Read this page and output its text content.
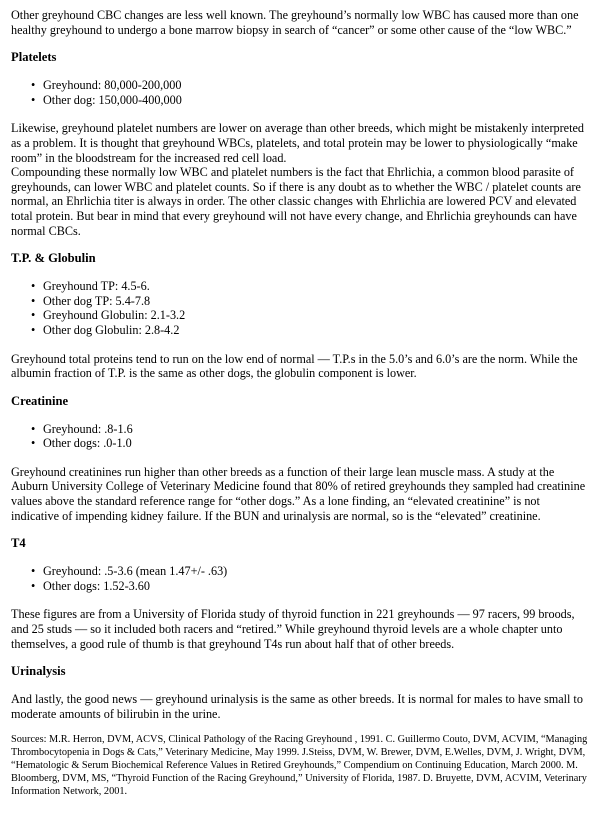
Other greyhound CBC changes are less well known. The greyhound’s normally low WBC has caused more than one healthy greyhound to undergo a bone marrow biopsy in search of “cancer” or some other cause of the “low WBC.”

Platelets
• Greyhound: 80,000-200,000
• Other dog: 150,000-400,000

Likewise, greyhound platelet numbers are lower on average than other breeds, which might be mistakenly interpreted as a problem. It is thought that greyhound WBCs, platelets, and total protein may be lower to physiologically “make room” in the bloodstream for the increased red cell load.

Compounding these normally low WBC and platelet numbers is the fact that Ehrlichia, a common blood parasite of greyhounds, can lower WBC and platelet counts. So if there is any doubt as to whether the WBC / platelet counts are normal, an Ehrlichia titer is always in order. The other classic changes with Ehrlichia are lowered PCV and elevated total protein. But bear in mind that every greyhound will not have every change, and Ehrlichia greyhounds can have normal CBCs.

T.P. & Globulin
• Greyhound TP: 4.5-6.
• Other dog TP: 5.4-7.8
• Greyhound Globulin: 2.1-3.2
• Other dog Globulin: 2.8-4.2

Greyhound total proteins tend to run on the low end of normal — T.P.s in the 5.0’s and 6.0’s are the norm. While the albumin fraction of T.P. is the same as other dogs, the globulin component is lower.

Creatinine
• Greyhound: .8-1.6
• Other dogs: .0-1.0

Greyhound creatinines run higher than other breeds as a function of their large lean muscle mass. A study at the Auburn University College of Veterinary Medicine found that 80% of retired greyhounds they sampled had creatinine values above the standard reference range for “other dogs.” As a lone finding, an “elevated creatinine” is not indicative of impending kidney failure. If the BUN and urinalysis are normal, so is the “elevated” creatinine.

T4
• Greyhound: .5-3.6 (mean 1.47+/- .63)
• Other dogs: 1.52-3.60

These figures are from a University of Florida study of thyroid function in 221 greyhounds — 97 racers, 99 broods, and 25 studs — so it included both racers and “retired.” While greyhound thyroid levels are a whole chapter unto themselves, a good rule of thumb is that greyhound T4s run about half that of other breeds.

Urinalysis

And lastly, the good news — greyhound urinalysis is the same as other breeds. It is normal for males to have small to moderate amounts of bilirubin in the urine.

Sources: M.R. Herron, DVM, ACVS, Clinical Pathology of the Racing Greyhound , 1991. C. Guillermo Couto, DVM, ACVIM, “Managing Thrombocytopenia in Dogs & Cats,” Veterinary Medicine, May 1999. J.Steiss, DVM, W. Brewer, DVM, E.Welles, DVM, J. Wright, DVM, “Hematologic & Serum Biochemical Reference Values in Retired Greyhounds,” Compendium on Continuing Education, March 2000. M. Bloomberg, DVM, MS, “Thyroid Function of the Racing Greyhound,” University of Florida, 1987. D. Bruyette, DVM, ACVIM, Veterinary Information Network, 2001.
